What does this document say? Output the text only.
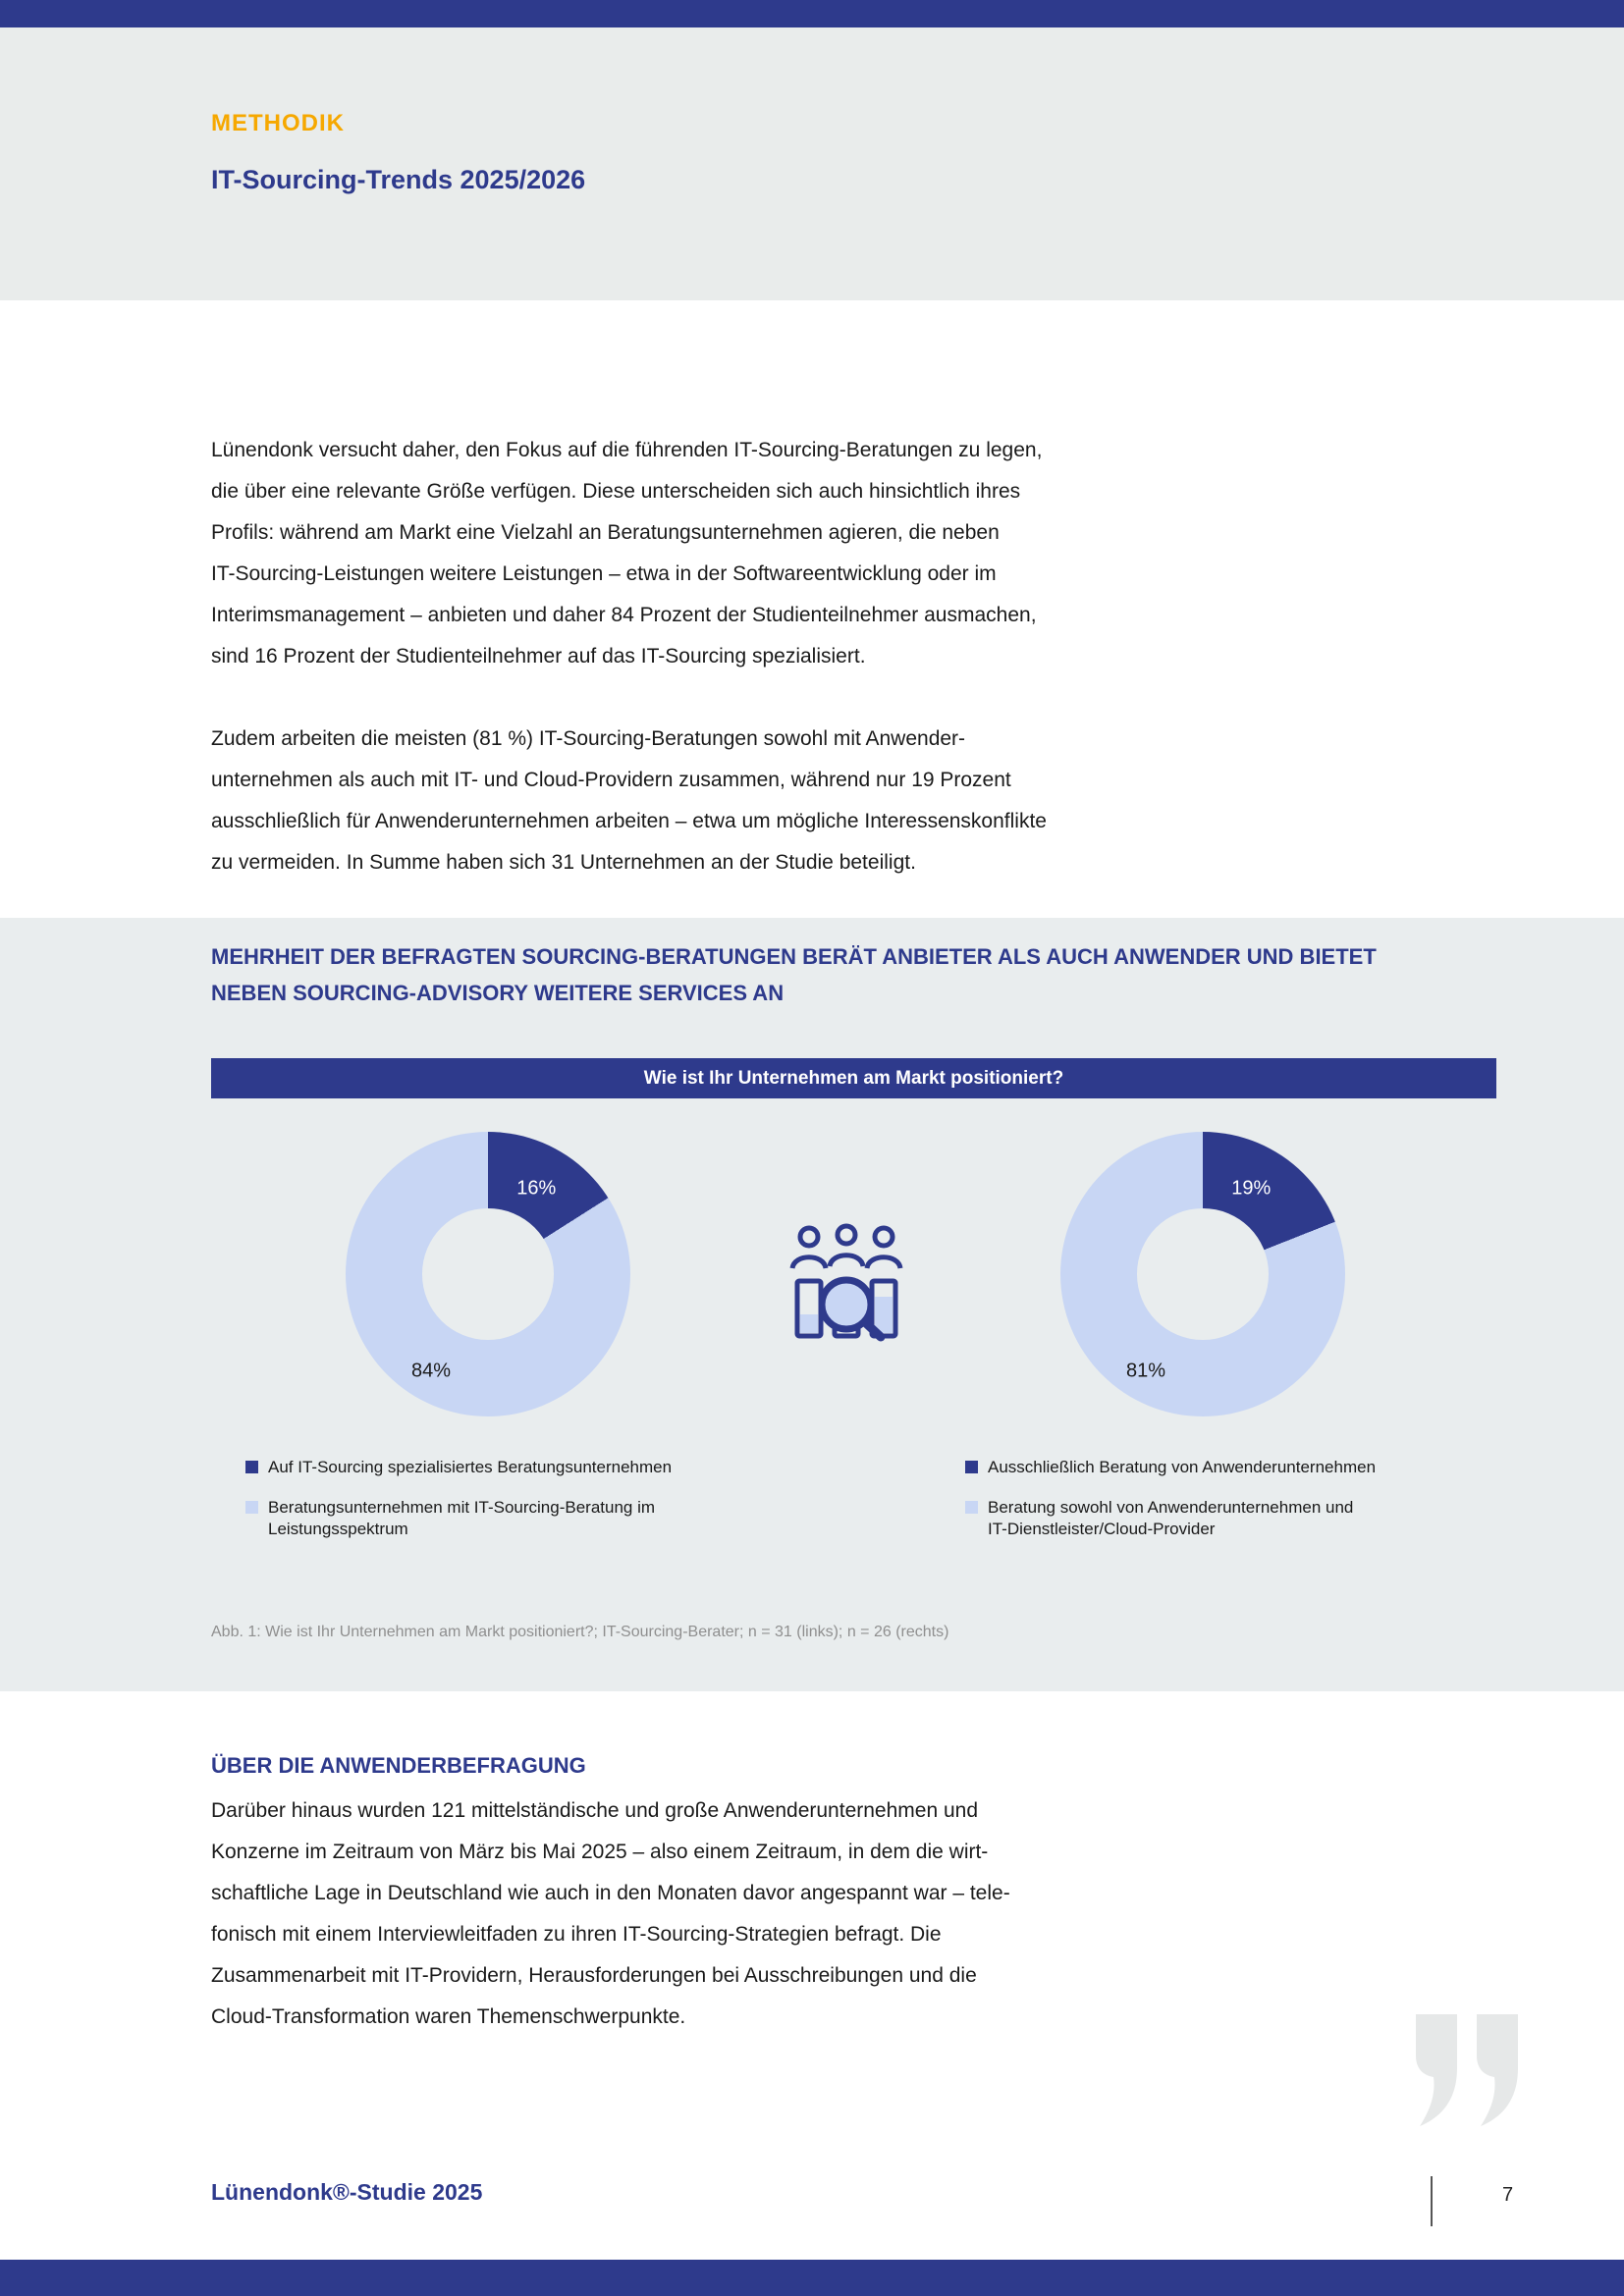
METHODIK
IT-Sourcing-Trends 2025/2026
Lünendonk versucht daher, den Fokus auf die führenden IT-Sourcing-Beratungen zu legen,
die über eine relevante Größe verfügen. Diese unterscheiden sich auch hinsichtlich ihres
Profils: während am Markt eine Vielzahl an Beratungsunternehmen agieren, die neben
IT-Sourcing-Leistungen weitere Leistungen – etwa in der Softwareentwicklung oder im
Interimsmanagement – anbieten und daher 84 Prozent der Studienteilnehmer ausmachen,
sind 16 Prozent der Studienteilnehmer auf das IT-Sourcing spezialisiert.
Zudem arbeiten die meisten (81 %) IT-Sourcing-Beratungen sowohl mit Anwender-
unternehmen als auch mit IT- und Cloud-Providern zusammen, während nur 19 Prozent
ausschließlich für Anwenderunternehmen arbeiten – etwa um mögliche Interessenskonflikte
zu vermeiden. In Summe haben sich 31 Unternehmen an der Studie beteiligt.
MEHRHEIT DER BEFRAGTEN SOURCING-BERATUNGEN BERÄT ANBIETER ALS AUCH ANWENDER UND BIETET
NEBEN SOURCING-ADVISORY WEITERE SERVICES AN
Wie ist Ihr Unternehmen am Markt positioniert?
16%
84%
19%
81%
Auf IT-Sourcing spezialisiertes Beratungsunternehmen
Beratungsunternehmen mit IT-Sourcing-Beratung im
Leistungsspektrum
Ausschließlich Beratung von Anwenderunternehmen
Beratung sowohl von Anwenderunternehmen und
IT-Dienstleister/Cloud-Provider
Abb. 1: Wie ist Ihr Unternehmen am Markt positioniert?; IT-Sourcing-Berater; n = 31 (links); n = 26 (rechts)
ÜBER DIE ANWENDERBEFRAGUNG
Darüber hinaus wurden 121 mittelständische und große Anwenderunternehmen und
Konzerne im Zeitraum von März bis Mai 2025 – also einem Zeitraum, in dem die wirt-
schaftliche Lage in Deutschland wie auch in den Monaten davor angespannt war – tele-
fonisch mit einem Interviewleitfaden zu ihren IT-Sourcing-Strategien befragt. Die
Zusammenarbeit mit IT-Providern, Herausforderungen bei Ausschreibungen und die
Cloud-Transformation waren Themenschwerpunkte.
Lünendonk®-Studie 2025	7
